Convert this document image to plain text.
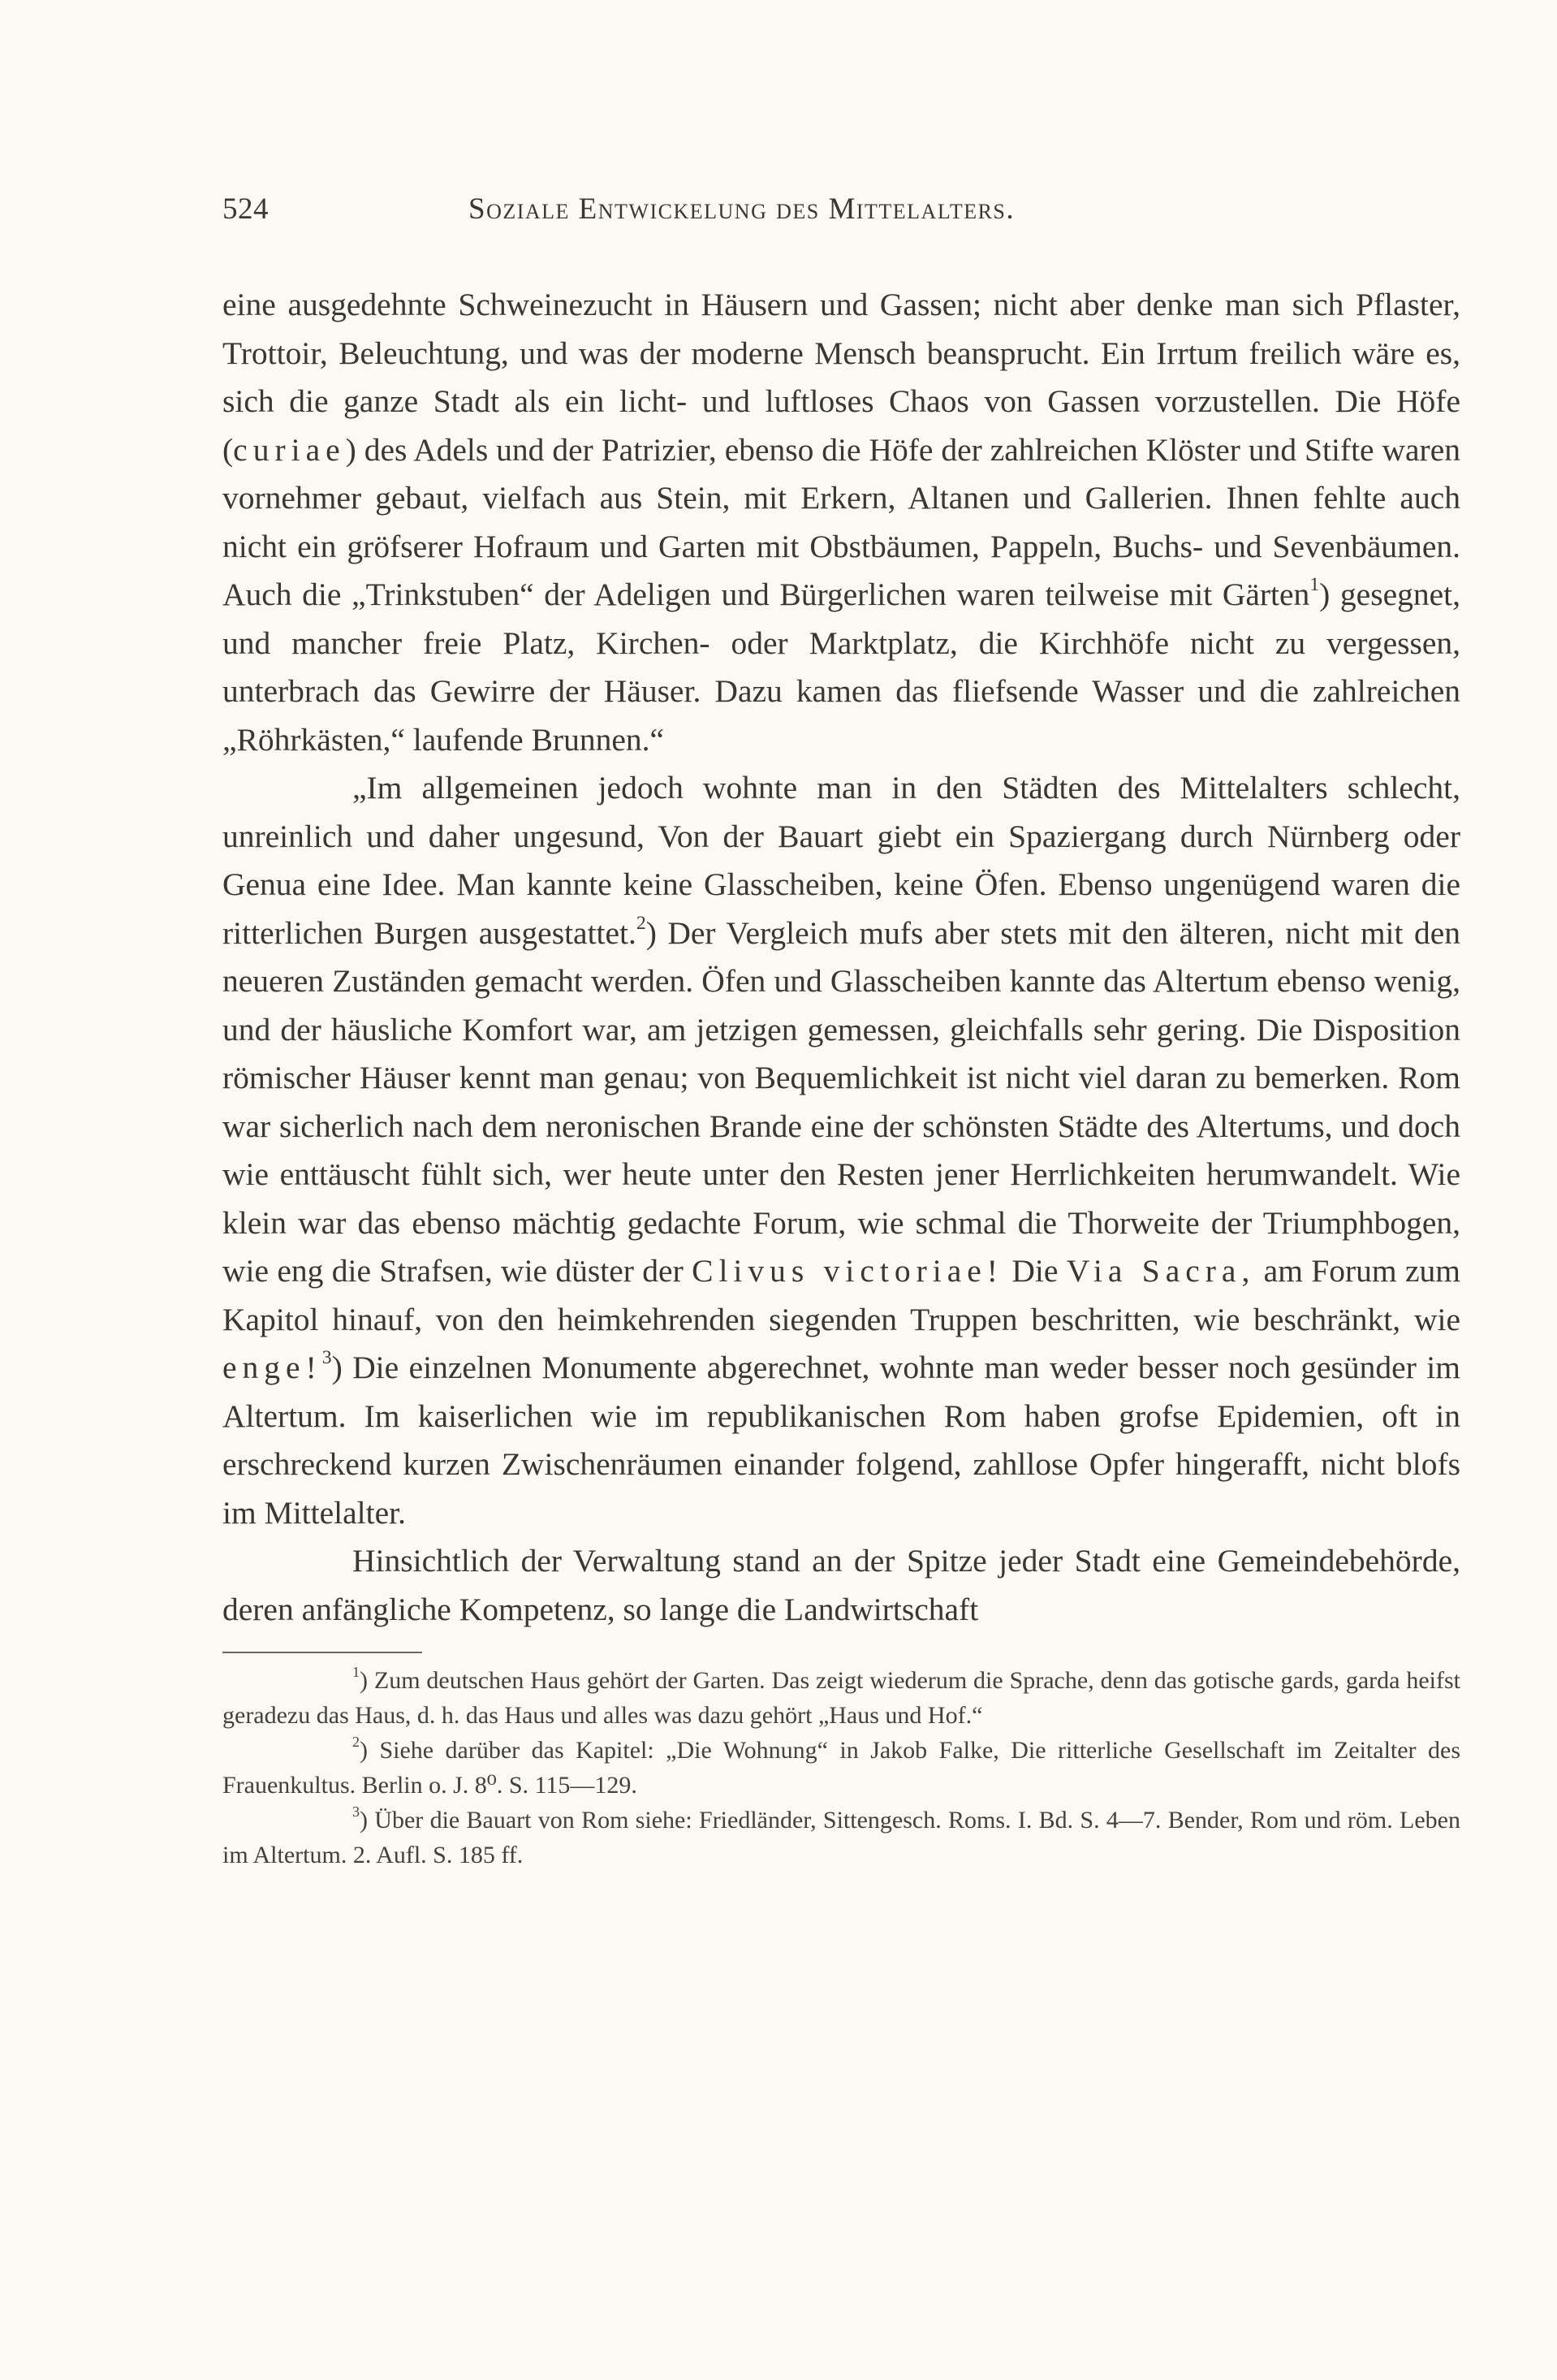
524	Soziale Entwickelung des Mittelalters.

eine ausgedehnte Schweinezucht in Häusern und Gassen; nicht aber denke man sich Pflaster, Trottoir, Beleuchtung, und was der moderne Mensch beansprucht. Ein Irrtum freilich wäre es, sich die ganze Stadt als ein licht- und luftloses Chaos von Gassen vorzustellen. Die Höfe (curiae) des Adels und der Patrizier, ebenso die Höfe der zahlreichen Klöster und Stifte waren vornehmer gebaut, vielfach aus Stein, mit Erkern, Altanen und Gallerien. Ihnen fehlte auch nicht ein gröfserer Hofraum und Garten mit Obstbäumen, Pappeln, Buchs- und Sevenbäumen. Auch die „Trinkstuben“ der Adeligen und Bürgerlichen waren teilweise mit Gärten$^1$) gesegnet, und mancher freie Platz, Kirchen- oder Marktplatz, die Kirchhöfe nicht zu vergessen, unterbrach das Gewirre der Häuser. Dazu kamen das fliefsende Wasser und die zahlreichen „Röhrkästen,“ laufende Brunnen.“

„Im allgemeinen jedoch wohnte man in den Städten des Mittelalters schlecht, unreinlich und daher ungesund, Von der Bauart giebt ein Spaziergang durch Nürnberg oder Genua eine Idee. Man kannte keine Glasscheiben, keine Öfen. Ebenso ungenügend waren die ritterlichen Burgen ausgestattet.$^2$) Der Vergleich mufs aber stets mit den älteren, nicht mit den neueren Zuständen gemacht werden. Öfen und Glasscheiben kannte das Altertum ebenso wenig, und der häusliche Komfort war, am jetzigen gemessen, gleichfalls sehr gering. Die Disposition römischer Häuser kennt man genau; von Bequemlichkeit ist nicht viel daran zu bemerken. Rom war sicherlich nach dem neronischen Brande eine der schönsten Städte des Altertums, und doch wie enttäuscht fühlt sich, wer heute unter den Resten jener Herrlichkeiten herumwandelt. Wie klein war das ebenso mächtig gedachte Forum, wie schmal die Thorweite der Triumphbogen, wie eng die Strafsen, wie düster der Clivus victoriae! Die Via Sacra, am Forum zum Kapitol hinauf, von den heimkehrenden siegenden Truppen beschritten, wie beschränkt, wie enge!$^3$) Die einzelnen Monumente abgerechnet, wohnte man weder besser noch gesünder im Altertum. Im kaiserlichen wie im republikanischen Rom haben grofse Epidemien, oft in erschreckend kurzen Zwischenräumen einander folgend, zahllose Opfer hingerafft, nicht blofs im Mittelalter.

Hinsichtlich der Verwaltung stand an der Spitze jeder Stadt eine Gemeindebehörde, deren anfängliche Kompetenz, so lange die Landwirtschaft

$^1$) Zum deutschen Haus gehört der Garten. Das zeigt wiederum die Sprache, denn das gotische gards, garda heifst geradezu das Haus, d. h. das Haus und alles was dazu gehört „Haus und Hof.“

$^2$) Siehe darüber das Kapitel: „Die Wohnung“ in Jakob Falke, Die ritterliche Gesellschaft im Zeitalter des Frauenkultus. Berlin o. J. 8⁰. S. 115—129.

$^3$) Über die Bauart von Rom siehe: Friedländer, Sittengesch. Roms. I. Bd. S. 4—7. Bender, Rom und röm. Leben im Altertum. 2. Aufl. S. 185 ff.
